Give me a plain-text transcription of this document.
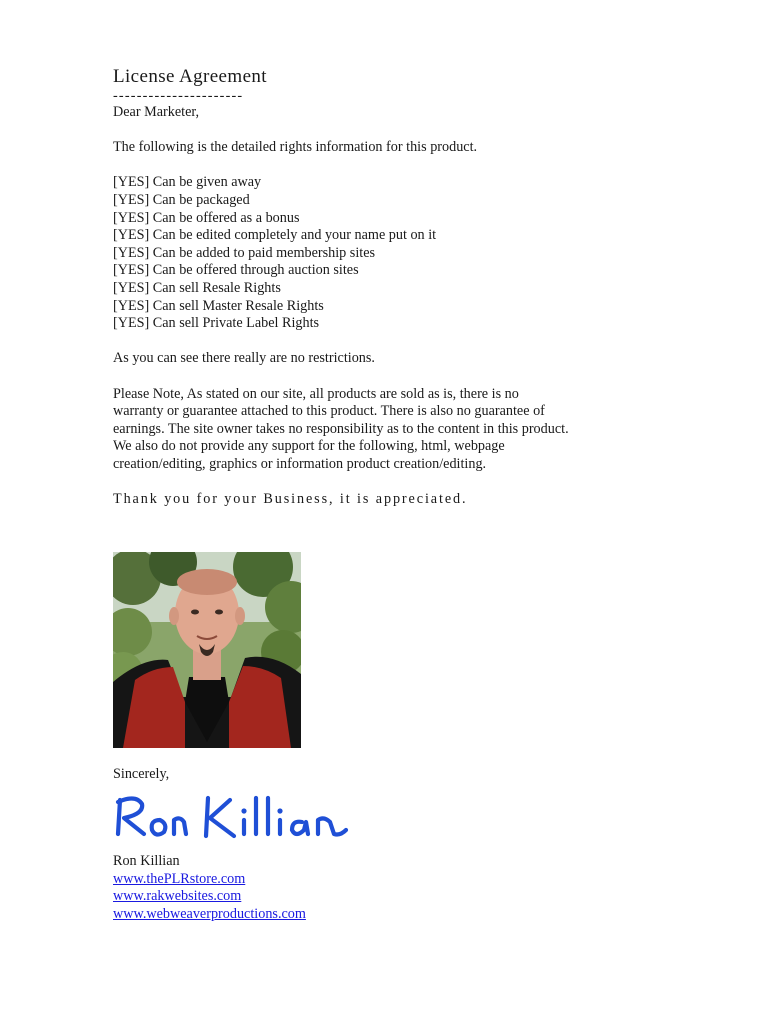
License Agreement
----------------------

Dear Marketer,

The following is the detailed rights information for this product.

[YES] Can be given away
[YES] Can be packaged
[YES] Can be offered as a bonus
[YES] Can be edited completely and your name put on it
[YES] Can be added to paid membership sites
[YES] Can be offered through auction sites
[YES] Can sell Resale Rights
[YES] Can sell Master Resale Rights
[YES] Can sell Private Label Rights

As you can see there really are no restrictions.

Please Note, As stated on our site, all products are sold as is, there is no
warranty or guarantee attached to this product. There is also no guarantee of
earnings. The site owner takes no responsibility as to the content in this product.
We also do not provide any support for the following, html, webpage
creation/editing, graphics or information product creation/editing.

Thank you for your Business, it is appreciated.

Sincerely,
Ron Killian
www.thePLRstore.com
www.rakwebsites.com
www.webweaverproductions.com
